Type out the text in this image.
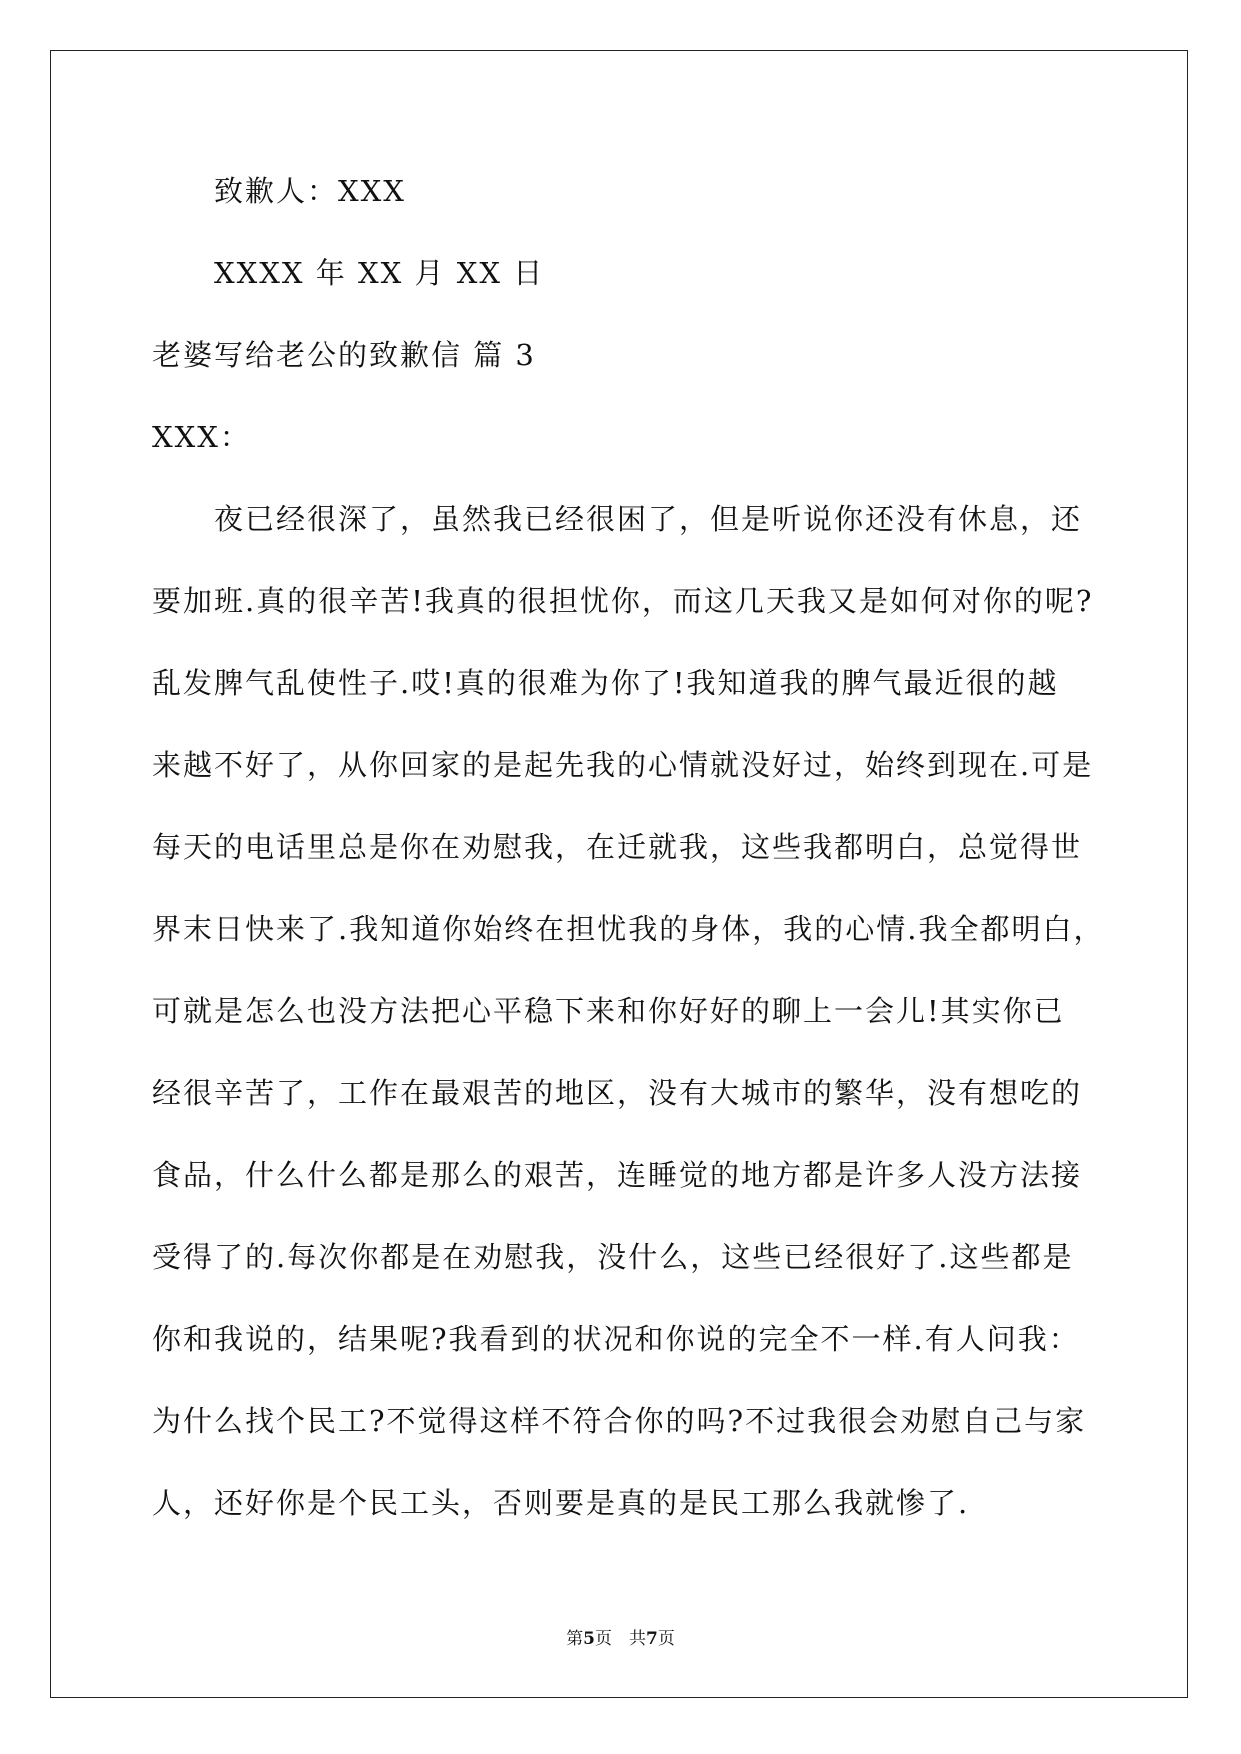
致歉人：XXX
XXXX 年 XX 月 XX 日
老婆写给老公的致歉信 篇 3
XXX：
夜已经很深了，虽然我已经很困了，但是听说你还没有休息，还
要加班.真的很辛苦!我真的很担忧你，而这几天我又是如何对你的呢?
乱发脾气乱使性子.哎!真的很难为你了!我知道我的脾气最近很的越
来越不好了，从你回家的是起先我的心情就没好过，始终到现在.可是
每天的电话里总是你在劝慰我，在迁就我，这些我都明白，总觉得世
界末日快来了.我知道你始终在担忧我的身体，我的心情.我全都明白，
可就是怎么也没方法把心平稳下来和你好好的聊上一会儿!其实你已
经很辛苦了，工作在最艰苦的地区，没有大城市的繁华，没有想吃的
食品，什么什么都是那么的艰苦，连睡觉的地方都是许多人没方法接
受得了的.每次你都是在劝慰我，没什么，这些已经很好了.这些都是
你和我说的，结果呢?我看到的状况和你说的完全不一样.有人问我：
为什么找个民工?不觉得这样不符合你的吗?不过我很会劝慰自己与家
人，还好你是个民工头，否则要是真的是民工那么我就惨了.
第5页　共7页
